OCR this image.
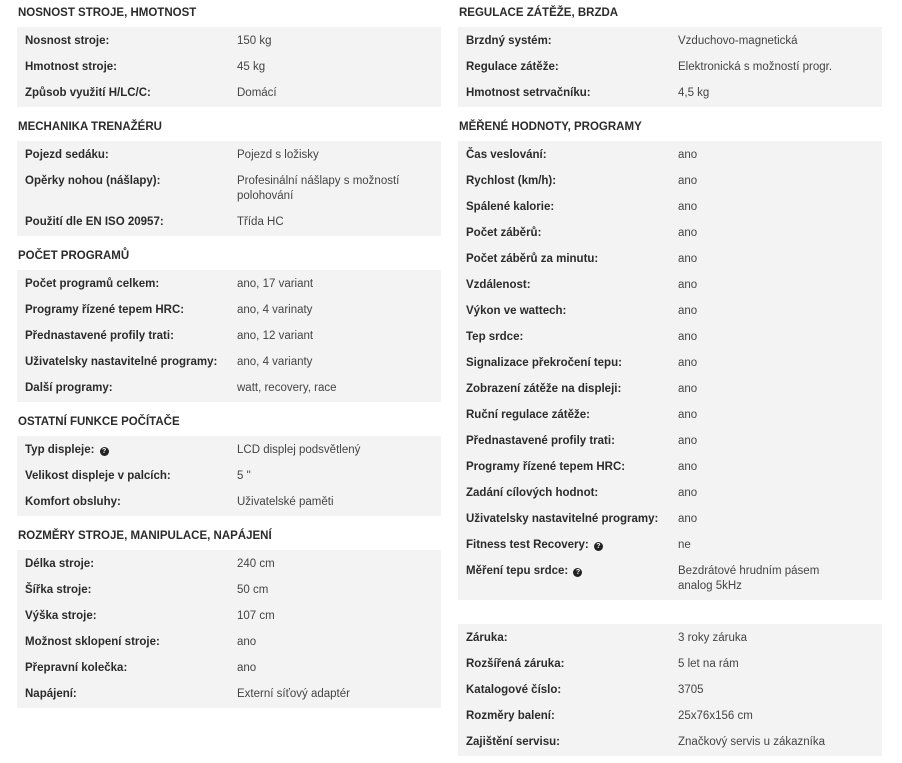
NOSNOST STROJE, HMOTNOST
Nosnost stroje:	150 kg
Hmotnost stroje:	45 kg
Způsob využití H/LC/C:	Domácí
MECHANIKA TRENAŽÉRU
Pojezd sedáku:	Pojezd s ložisky
Opěrky nohou (nášlapy):	Profesinální nášlapy s možností polohování
Použití dle EN ISO 20957:	Třída HC
POČET PROGRAMŮ
Počet programů celkem:	ano, 17 variant
Programy řízené tepem HRC:	ano, 4 varinaty
Přednastavené profily trati:	ano, 12 variant
Uživatelsky nastavitelné programy:	ano, 4 varianty
Další programy:	watt, recovery, race
OSTATNÍ FUNKCE POČÍTAČE
Typ displeje: ?	LCD displej podsvětlený
Velikost displeje v palcích:	5 "
Komfort obsluhy:	Uživatelské paměti
ROZMĚRY STROJE, MANIPULACE, NAPÁJENÍ
Délka stroje:	240 cm
Šířka stroje:	50 cm
Výška stroje:	107 cm
Možnost sklopení stroje:	ano
Přepravní kolečka:	ano
Napájení:	Externí síťový adaptér
REGULACE ZÁTĚŽE, BRZDA
Brzdný systém:	Vzduchovo-magnetická
Regulace zátěže:	Elektronická s možností progr.
Hmotnost setrvačníku:	4,5 kg
MĚŘENÉ HODNOTY, PROGRAMY
Čas veslování:	ano
Rychlost (km/h):	ano
Spálené kalorie:	ano
Počet záběrů:	ano
Počet záběrů za minutu:	ano
Vzdálenost:	ano
Výkon ve wattech:	ano
Tep srdce:	ano
Signalizace překročení tepu:	ano
Zobrazení zátěže na displeji:	ano
Ruční regulace zátěže:	ano
Přednastavené profily trati:	ano
Programy řízené tepem HRC:	ano
Zadání cílových hodnot:	ano
Uživatelsky nastavitelné programy:	ano
Fitness test Recovery: ?	ne
Měření tepu srdce: ?	Bezdrátové hrudním pásem analog 5kHz
Záruka:	3 roky záruka
Rozšířená záruka:	5 let na rám
Katalogové číslo:	3705
Rozměry balení:	25x76x156 cm
Zajištění servisu:	Značkový servis u zákazníka
